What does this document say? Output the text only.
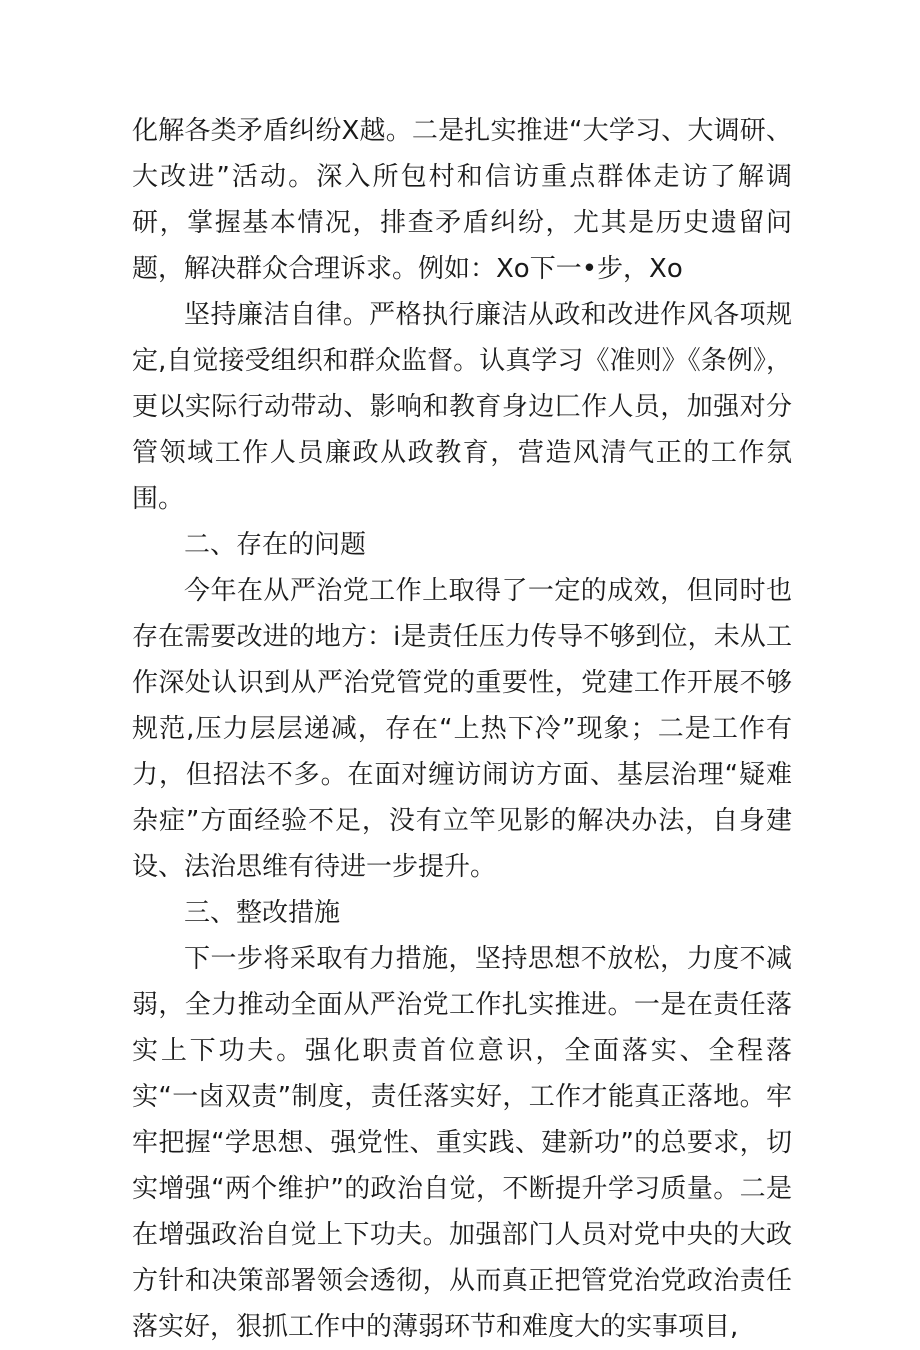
化解各类矛盾纠纷X越。二是扎实推进“大学习、大调研、大改进”活动。深入所包村和信访重点群体走访了解调研，掌握基本情况，排查矛盾纠纷，尤其是历史遗留问题，解决群众合理诉求。例如：Xo下一•步，Xo

坚持廉洁自律。严格执行廉洁从政和改进作风各项规定,自觉接受组织和群众监督。认真学习《准则》《条例》，更以实际行动带动、影响和教育身边匚作人员，加强对分管领域工作人员廉政从政教育，营造风清气正的工作氛围。

二、存在的问题

今年在从严治党工作上取得了一定的成效，但同时也存在需要改进的地方：i是责任压力传导不够到位，未从工作深处认识到从严治党管党的重要性，党建工作开展不够规范,压力层层递减，存在“上热下冷”现象；二是工作有力，但招法不多。在面对缠访闹访方面、基层治理“疑难杂症”方面经验不足，没有立竿见影的解决办法，自身建设、法治思维有待进一步提升。

三、整改措施

下一步将采取有力措施，坚持思想不放松，力度不减弱，全力推动全面从严治党工作扎实推进。一是在责任落实上下功夫。强化职责首位意识，全面落实、全程落实“一卤双责”制度，责任落实好，工作才能真正落地。牢牢把握“学思想、强党性、重实践、建新功”的总要求，切实增强“两个维护”的政治自觉，不断提升学习质量。二是在增强政治自觉上下功夫。加强部门人员对党中央的大政方针和决策部署领会透彻，从而真正把管党治党政治责任落实好，狠抓工作中的薄弱环节和难度大的实事项目,
